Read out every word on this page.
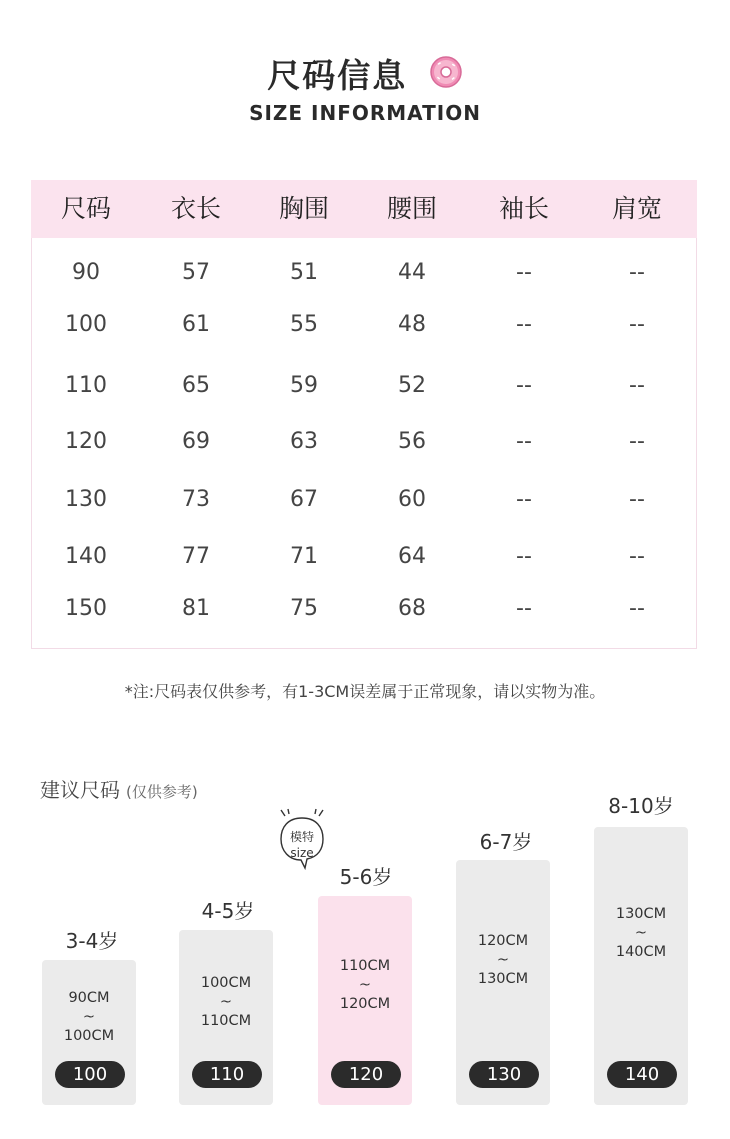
尺码信息
SIZE INFORMATION
尺码	衣长	胸围	腰围	袖长	肩宽
90	57	51	44	--	--
100	61	55	48	--	--
110	65	59	52	--	--
120	69	63	56	--	--
130	73	67	60	--	--
140	77	71	64	--	--
150	81	75	68	--	--
*注:尺码表仅供参考，有1-3CM误差属于正常现象，请以实物为准。
建议尺码 (仅供参考)
模特
size
3-4岁
90CM
~
100CM
100
4-5岁
100CM
~
110CM
110
5-6岁
110CM
~
120CM
120
6-7岁
120CM
~
130CM
130
8-10岁
130CM
~
140CM
140
